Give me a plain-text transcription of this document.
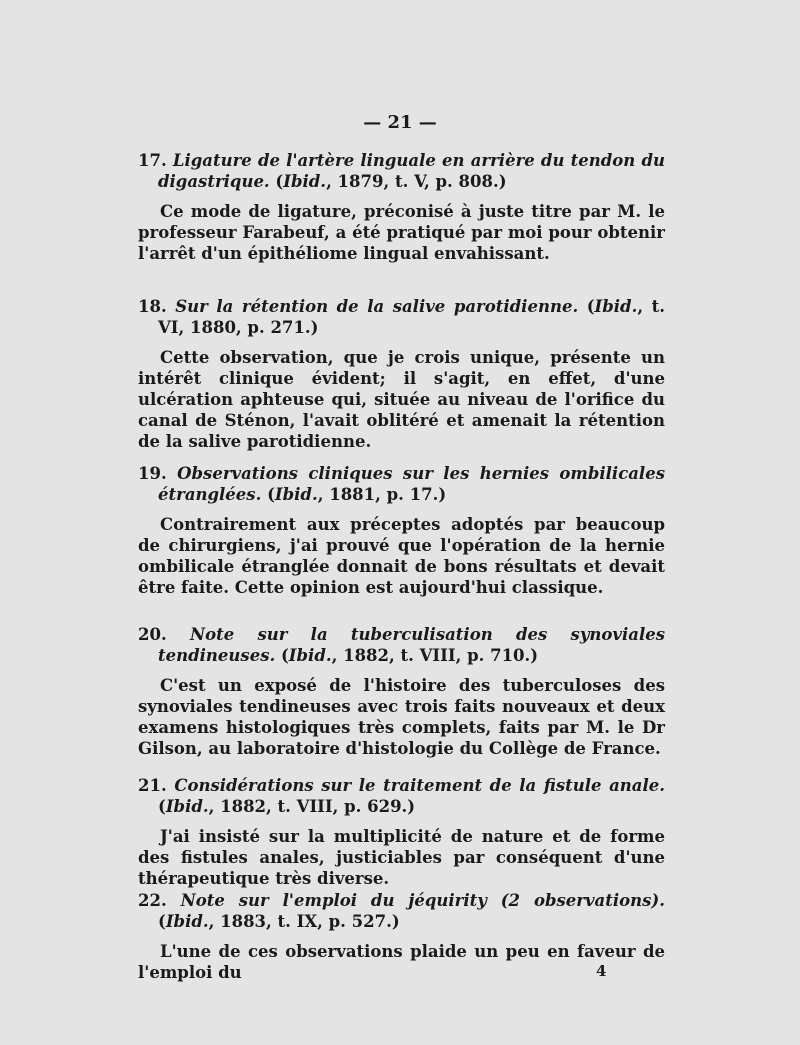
— 21 —

17. Ligature de l'artère linguale en arrière du tendon du digastrique. (Ibid., 1879, t. V, p. 808.)

Ce mode de ligature, préconisé à juste titre par M. le professeur Farabeuf, a été pratiqué par moi pour obtenir l'arrêt d'un épithéliome lingual envahissant.

18. Sur la rétention de la salive parotidienne. (Ibid., t. VI, 1880, p. 271.)

Cette observation, que je crois unique, présente un intérêt clinique évident; il s'agit, en effet, d'une ulcération aphteuse qui, située au niveau de l'orifice du canal de Sténon, l'avait oblitéré et amenait la rétention de la salive parotidienne.

19. Observations cliniques sur les hernies ombilicales étranglées. (Ibid., 1881, p. 17.)

Contrairement aux préceptes adoptés par beaucoup de chirurgiens, j'ai prouvé que l'opération de la hernie ombilicale étranglée donnait de bons résultats et devait être faite. Cette opinion est aujourd'hui classique.

20. Note sur la tuberculisation des synoviales tendineuses. (Ibid., 1882, t. VIII, p. 710.)

C'est un exposé de l'histoire des tuberculoses des synoviales tendineuses avec trois faits nouveaux et deux examens histologiques très complets, faits par M. le Dr Gilson, au laboratoire d'histologie du Collège de France.

21. Considérations sur le traitement de la fistule anale. (Ibid., 1882, t. VIII, p. 629.)

J'ai insisté sur la multiplicité de nature et de forme des fistules anales, justiciables par conséquent d'une thérapeutique très diverse.

22. Note sur l'emploi du jéquirity (2 observations). (Ibid., 1883, t. IX, p. 527.)

L'une de ces observations plaide un peu en faveur de l'emploi du	4
